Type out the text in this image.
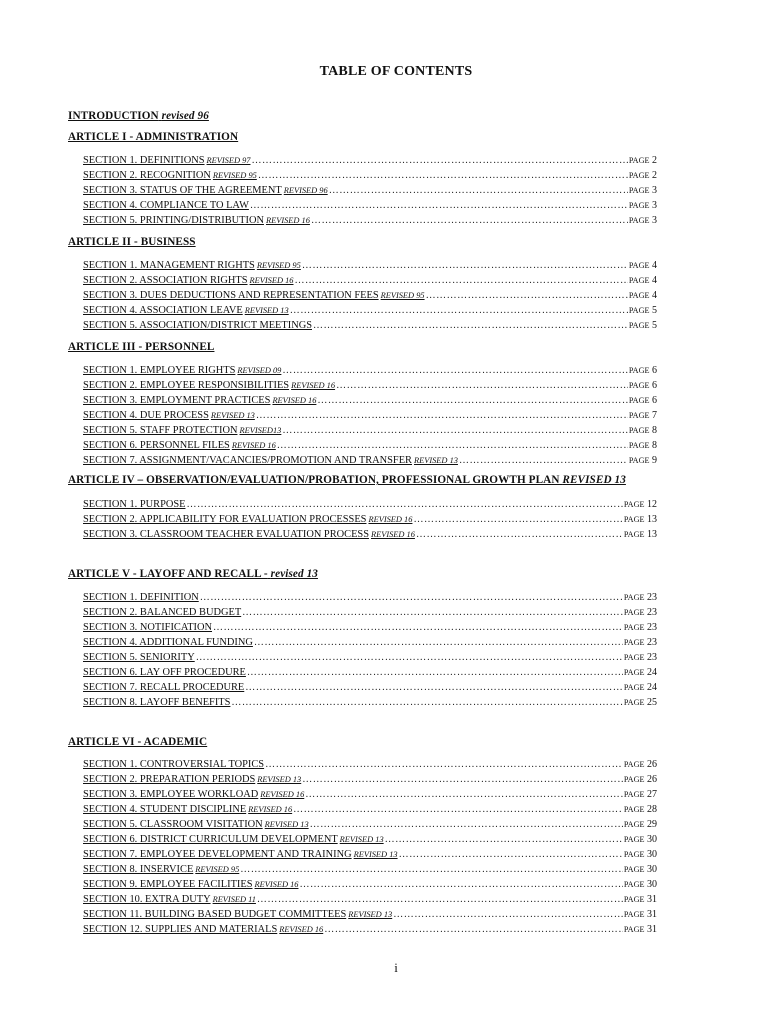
TABLE OF CONTENTS
INTRODUCTION revised 96
ARTICLE I - ADMINISTRATION
SECTION 1. DEFINITIONS REVISED 97 ……………………………………………………………………………………………………………………………………………………………………………………………………	PAGE 2
SECTION 2. RECOGNITION REVISED 95 ……………………………………………………………………………………………………………………………………………………………………………………………………	PAGE 2
SECTION 3. STATUS OF THE AGREEMENT REVISED 96 ……………………………………………………………………………………………………………………………………………………………………………………………………	PAGE 3
SECTION 4. COMPLIANCE TO LAW ……………………………………………………………………………………………………………………………………………………………………………………………………	PAGE 3
SECTION 5. PRINTING/DISTRIBUTION REVISED 16 ……………………………………………………………………………………………………………………………………………………………………………………………………	PAGE 3
ARTICLE II - BUSINESS
SECTION 1. MANAGEMENT RIGHTS REVISED 95 ……………………………………………………………………………………………………………………………………………………………………………………………………	PAGE 4
SECTION 2. ASSOCIATION RIGHTS REVISED 16 ……………………………………………………………………………………………………………………………………………………………………………………………………	PAGE 4
SECTION 3. DUES DEDUCTIONS AND REPRESENTATION FEES REVISED 95 ……………………………………………………………………………………………………………………………………………………………………………………………………	PAGE 4
SECTION 4. ASSOCIATION LEAVE REVISED 13 ……………………………………………………………………………………………………………………………………………………………………………………………………	PAGE 5
SECTION 5. ASSOCIATION/DISTRICT MEETINGS ……………………………………………………………………………………………………………………………………………………………………………………………………	PAGE 5
ARTICLE III - PERSONNEL
SECTION 1. EMPLOYEE RIGHTS REVISED 09 ……………………………………………………………………………………………………………………………………………………………………………………………………	PAGE 6
SECTION 2. EMPLOYEE RESPONSIBILITIES REVISED 16 ……………………………………………………………………………………………………………………………………………………………………………………………………	PAGE 6
SECTION 3. EMPLOYMENT PRACTICES REVISED 16 ……………………………………………………………………………………………………………………………………………………………………………………………………	PAGE 6
SECTION 4. DUE PROCESS REVISED 13 ……………………………………………………………………………………………………………………………………………………………………………………………………	PAGE 7
SECTION 5. STAFF PROTECTION REVISED13 ……………………………………………………………………………………………………………………………………………………………………………………………………	PAGE 8
SECTION 6. PERSONNEL FILES REVISED 16 ……………………………………………………………………………………………………………………………………………………………………………………………………	PAGE 8
SECTION 7. ASSIGNMENT/VACANCIES/PROMOTION AND TRANSFER REVISED 13 ……………………………………………………………………………………………………………………………………………………………………………………………………	PAGE 9
ARTICLE IV – OBSERVATION/EVALUATION/PROBATION, PROFESSIONAL GROWTH PLAN REVISED 13
SECTION 1. PURPOSE ……………………………………………………………………………………………………………………………………………………………………………………………………	PAGE 12
SECTION 2. APPLICABILITY FOR EVALUATION PROCESSES REVISED 16 ……………………………………………………………………………………………………………………………………………………………………………………………………	PAGE 13
SECTION 3. CLASSROOM TEACHER EVALUATION PROCESS REVISED 16 ……………………………………………………………………………………………………………………………………………………………………………………………………	PAGE 13
ARTICLE V - LAYOFF AND RECALL - revised 13
SECTION 1. DEFINITION ……………………………………………………………………………………………………………………………………………………………………………………………………	PAGE 23
SECTION 2. BALANCED BUDGET ……………………………………………………………………………………………………………………………………………………………………………………………………	PAGE 23
SECTION 3. NOTIFICATION ……………………………………………………………………………………………………………………………………………………………………………………………………	PAGE 23
SECTION 4. ADDITIONAL FUNDING ……………………………………………………………………………………………………………………………………………………………………………………………………	PAGE 23
SECTION 5. SENIORITY ……………………………………………………………………………………………………………………………………………………………………………………………………	PAGE 23
SECTION 6. LAY OFF PROCEDURE ……………………………………………………………………………………………………………………………………………………………………………………………………	PAGE 24
SECTION 7. RECALL PROCEDURE ……………………………………………………………………………………………………………………………………………………………………………………………………	PAGE 24
SECTION 8. LAYOFF BENEFITS ……………………………………………………………………………………………………………………………………………………………………………………………………	PAGE 25
ARTICLE VI - ACADEMIC
SECTION 1. CONTROVERSIAL TOPICS ……………………………………………………………………………………………………………………………………………………………………………………………………	PAGE 26
SECTION 2. PREPARATION PERIODS REVISED 13 ……………………………………………………………………………………………………………………………………………………………………………………………………	PAGE 26
SECTION 3. EMPLOYEE WORKLOAD REVISED 16 ……………………………………………………………………………………………………………………………………………………………………………………………………	PAGE 27
SECTION 4. STUDENT DISCIPLINE REVISED 16 ……………………………………………………………………………………………………………………………………………………………………………………………………	PAGE 28
SECTION 5. CLASSROOM VISITATION REVISED 13 ……………………………………………………………………………………………………………………………………………………………………………………………………	PAGE 29
SECTION 6. DISTRICT CURRICULUM DEVELOPMENT REVISED 13 ……………………………………………………………………………………………………………………………………………………………………………………………………	PAGE 30
SECTION 7. EMPLOYEE DEVELOPMENT AND TRAINING REVISED 13 ……………………………………………………………………………………………………………………………………………………………………………………………………	PAGE 30
SECTION 8. INSERVICE REVISED 95 ……………………………………………………………………………………………………………………………………………………………………………………………………	PAGE 30
SECTION 9. EMPLOYEE FACILITIES REVISED 16 ……………………………………………………………………………………………………………………………………………………………………………………………………	PAGE 30
SECTION 10. EXTRA DUTY REVISED 11 ……………………………………………………………………………………………………………………………………………………………………………………………………	PAGE 31
SECTION 11. BUILDING BASED BUDGET COMMITTEES REVISED 13 ……………………………………………………………………………………………………………………………………………………………………………………………………	PAGE 31
SECTION 12. SUPPLIES AND MATERIALS REVISED 16 ……………………………………………………………………………………………………………………………………………………………………………………………………	PAGE 31
i
